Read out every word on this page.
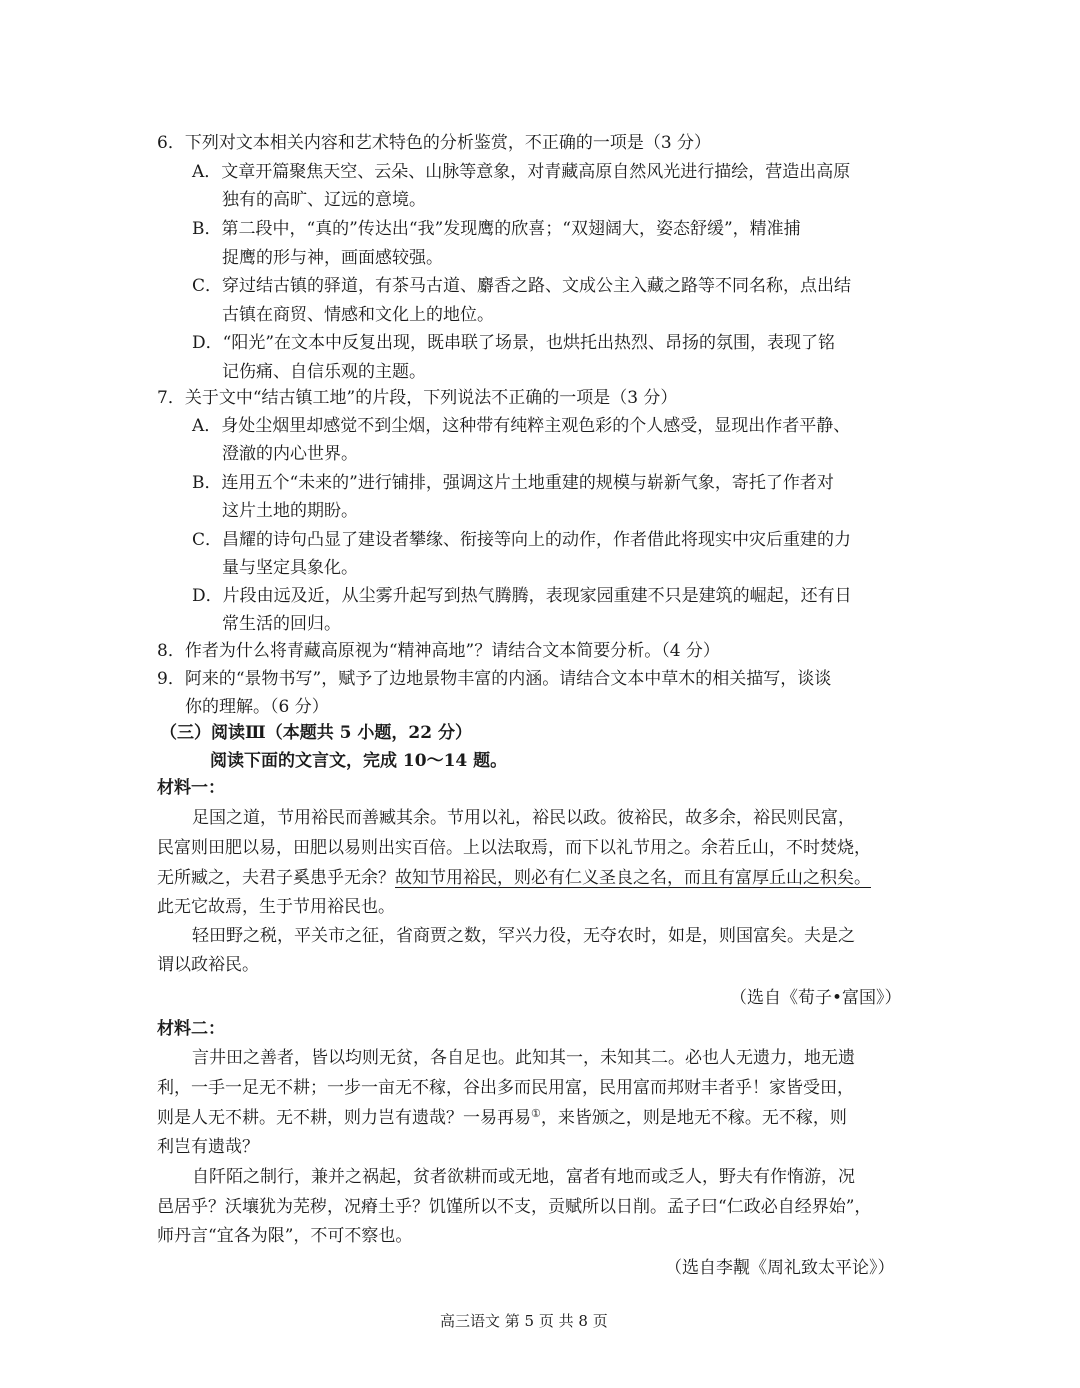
6．下列对文本相关内容和艺术特色的分析鉴赏，不正确的一项是（3 分）
A．文章开篇聚焦天空、云朵、山脉等意象，对青藏高原自然风光进行描绘，营造出高原
独有的高旷、辽远的意境。
B．第二段中，“真的”传达出“我”发现鹰的欣喜；“双翅阔大，姿态舒缓”，精准捕
捉鹰的形与神，画面感较强。
C．穿过结古镇的驿道，有茶马古道、麝香之路、文成公主入藏之路等不同名称，点出结
古镇在商贸、情感和文化上的地位。
D．“阳光”在文本中反复出现，既串联了场景，也烘托出热烈、昂扬的氛围，表现了铭
记伤痛、自信乐观的主题。
7．关于文中“结古镇工地”的片段，下列说法不正确的一项是（3 分）
A．身处尘烟里却感觉不到尘烟，这种带有纯粹主观色彩的个人感受，显现出作者平静、
澄澈的内心世界。
B．连用五个“未来的”进行铺排，强调这片土地重建的规模与崭新气象，寄托了作者对
这片土地的期盼。
C．昌耀的诗句凸显了建设者攀缘、衔接等向上的动作，作者借此将现实中灾后重建的力
量与坚定具象化。
D．片段由远及近，从尘雾升起写到热气腾腾，表现家园重建不只是建筑的崛起，还有日
常生活的回归。
8．作者为什么将青藏高原视为“精神高地”？请结合文本简要分析。（4 分）
9．阿来的“景物书写”，赋予了边地景物丰富的内涵。请结合文本中草木的相关描写，谈谈
你的理解。（6 分）
（三）阅读Ⅲ（本题共 5 小题，22 分）
阅读下面的文言文，完成 10～14 题。
材料一：
足国之道，节用裕民而善臧其余。节用以礼，裕民以政。彼裕民，故多余，裕民则民富，
民富则田肥以易，田肥以易则出实百倍。上以法取焉，而下以礼节用之。余若丘山，不时焚烧，
无所臧之，夫君子奚患乎无余？故知节用裕民，则必有仁义圣良之名，而且有富厚丘山之积矣。
此无它故焉，生于节用裕民也。
轻田野之税，平关市之征，省商贾之数，罕兴力役，无夺农时，如是，则国富矣。夫是之
谓以政裕民。
（选自《荀子•富国》）
材料二：
言井田之善者，皆以均则无贫，各自足也。此知其一，未知其二。必也人无遗力，地无遗
利，一手一足无不耕；一步一亩无不稼，谷出多而民用富，民用富而邦财丰者乎！家皆受田，
则是人无不耕。无不耕，则力岂有遗哉？一易再易①，来皆颁之，则是地无不稼。无不稼，则
利岂有遗哉？
自阡陌之制行，兼并之祸起，贫者欲耕而或无地，富者有地而或乏人，野夫有作惰游，况
邑居乎？沃壤犹为芜秽，况瘠土乎？饥馑所以不支，贡赋所以日削。孟子曰“仁政必自经界始”，
师丹言“宜各为限”，不可不察也。
（选自李觏《周礼致太平论》）
高三语文 第 5 页 共 8 页
